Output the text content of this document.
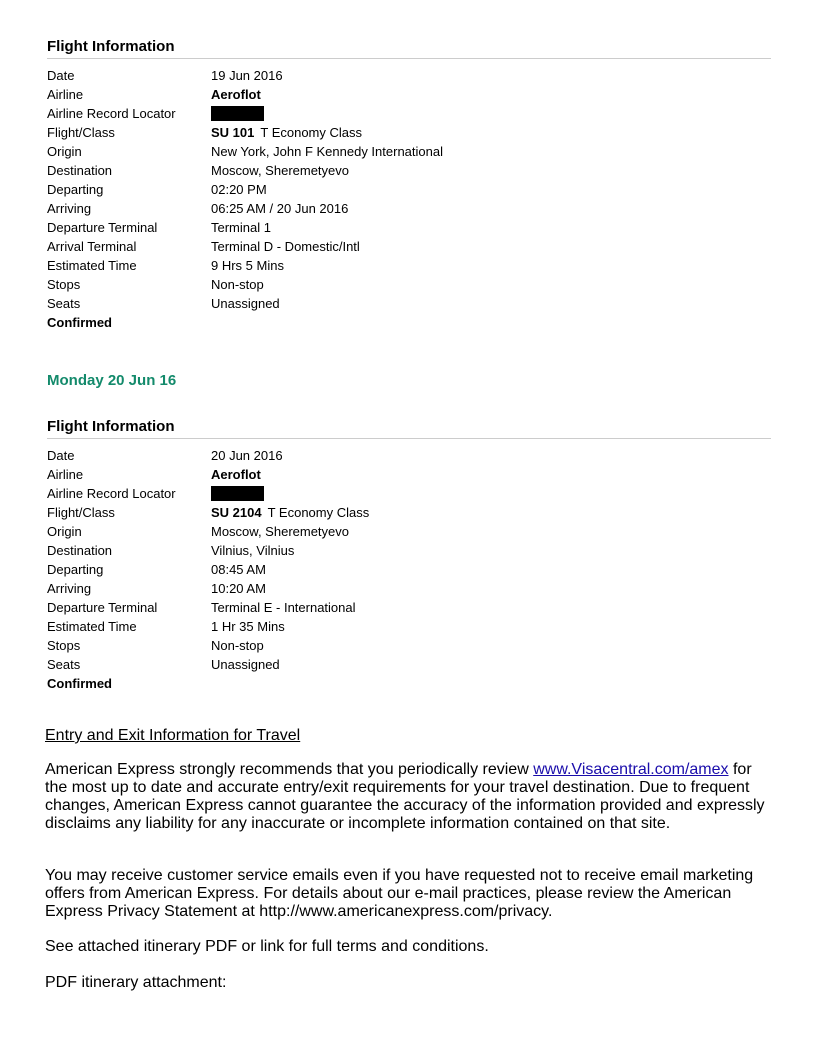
Flight Information
Date	19 Jun 2016
Airline	Aeroflot
Airline Record Locator
Flight/Class	SU 101 T Economy Class
Origin	New York, John F Kennedy International
Destination	Moscow, Sheremetyevo
Departing	02:20 PM
Arriving	06:25 AM / 20 Jun 2016
Departure Terminal	Terminal 1
Arrival Terminal	Terminal D - Domestic/Intl
Estimated Time	9 Hrs 5 Mins
Stops	Non-stop
Seats	Unassigned
Confirmed
Monday 20 Jun 16
Flight Information
Date	20 Jun 2016
Airline	Aeroflot
Airline Record Locator
Flight/Class	SU 2104 T Economy Class
Origin	Moscow, Sheremetyevo
Destination	Vilnius, Vilnius
Departing	08:45 AM
Arriving	10:20 AM
Departure Terminal	Terminal E - International
Estimated Time	1 Hr 35 Mins
Stops	Non-stop
Seats	Unassigned
Confirmed
Entry and Exit Information for Travel

American Express strongly recommends that you periodically review www.Visacentral.com/amex for the most up to date and accurate entry/exit requirements for your travel destination. Due to frequent changes, American Express cannot guarantee the accuracy of the information provided and expressly disclaims any liability for any inaccurate or incomplete information contained on that site.

You may receive customer service emails even if you have requested not to receive email marketing offers from American Express. For details about our e-mail practices, please review the American Express Privacy Statement at http://www.americanexpress.com/privacy.

See attached itinerary PDF or link for full terms and conditions.

PDF itinerary attachment:
